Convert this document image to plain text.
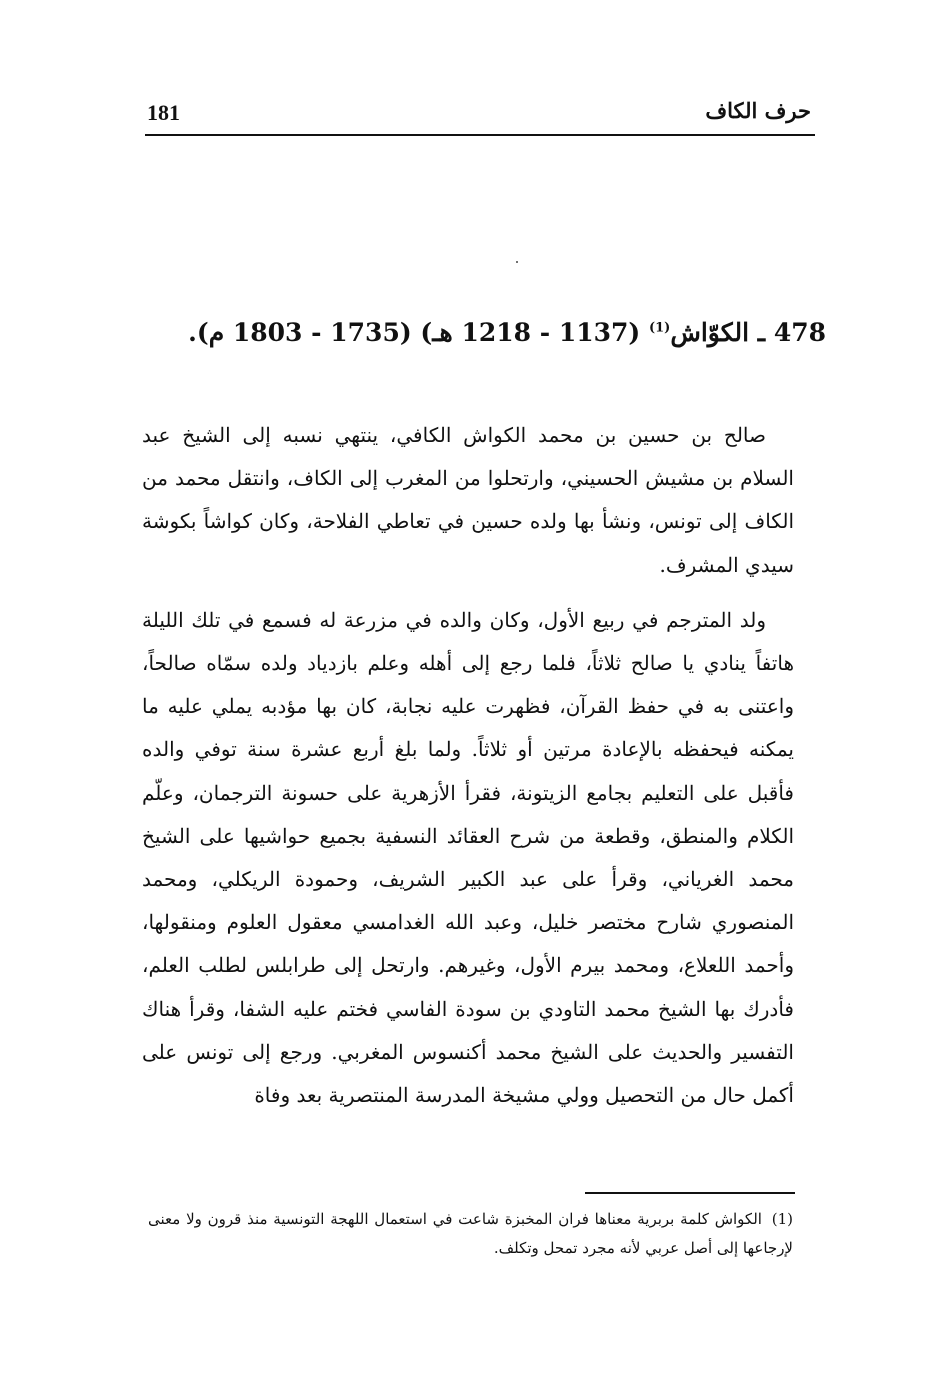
181	حرف الكاف
478 ـ الكوّاش$^{(1)}$ (1137 - 1218 هـ) (1735 - 1803 م).

صالح بن حسين بن محمد الكواش الكافي، ينتهي نسبه إلى الشيخ عبد السلام بن مشيش الحسيني، وارتحلوا من المغرب إلى الكاف، وانتقل محمد من الكاف إلى تونس، ونشأ بها ولده حسين في تعاطي الفلاحة، وكان كواشاً بكوشة سيدي المشرف.

ولد المترجم في ربيع الأول، وكان والده في مزرعة له فسمع في تلك الليلة هاتفاً ينادي يا صالح ثلاثاً، فلما رجع إلى أهله وعلم بازدياد ولده سمّاه صالحاً، واعتنى به في حفظ القرآن، فظهرت عليه نجابة، كان بها مؤدبه يملي عليه ما يمكنه فيحفظه بالإعادة مرتين أو ثلاثاً. ولما بلغ أربع عشرة سنة توفي والده فأقبل على التعليم بجامع الزيتونة، فقرأ الأزهرية على حسونة الترجمان، وعلّم الكلام والمنطق، وقطعة من شرح العقائد النسفية بجميع حواشيها على الشيخ محمد الغرياني، وقرأ على عبد الكبير الشريف، وحمودة الريكلي، ومحمد المنصوري شارح مختصر خليل، وعبد الله الغدامسي معقول العلوم ومنقولها، وأحمد اللعلاع، ومحمد بيرم الأول، وغيرهم. وارتحل إلى طرابلس لطلب العلم، فأدرك بها الشيخ محمد التاودي بن سودة الفاسي فختم عليه الشفا، وقرأ هناك التفسير والحديث على الشيخ محمد أكنسوس المغربي. ورجع إلى تونس على أكمل حال من التحصيل وولي مشيخة المدرسة المنتصرية بعد وفاة

(1) الكواش كلمة بربرية معناها فران المخبزة شاعت في استعمال اللهجة التونسية منذ قرون ولا معنى لإرجاعها إلى أصل عربي لأنه مجرد تمحل وتكلف.
